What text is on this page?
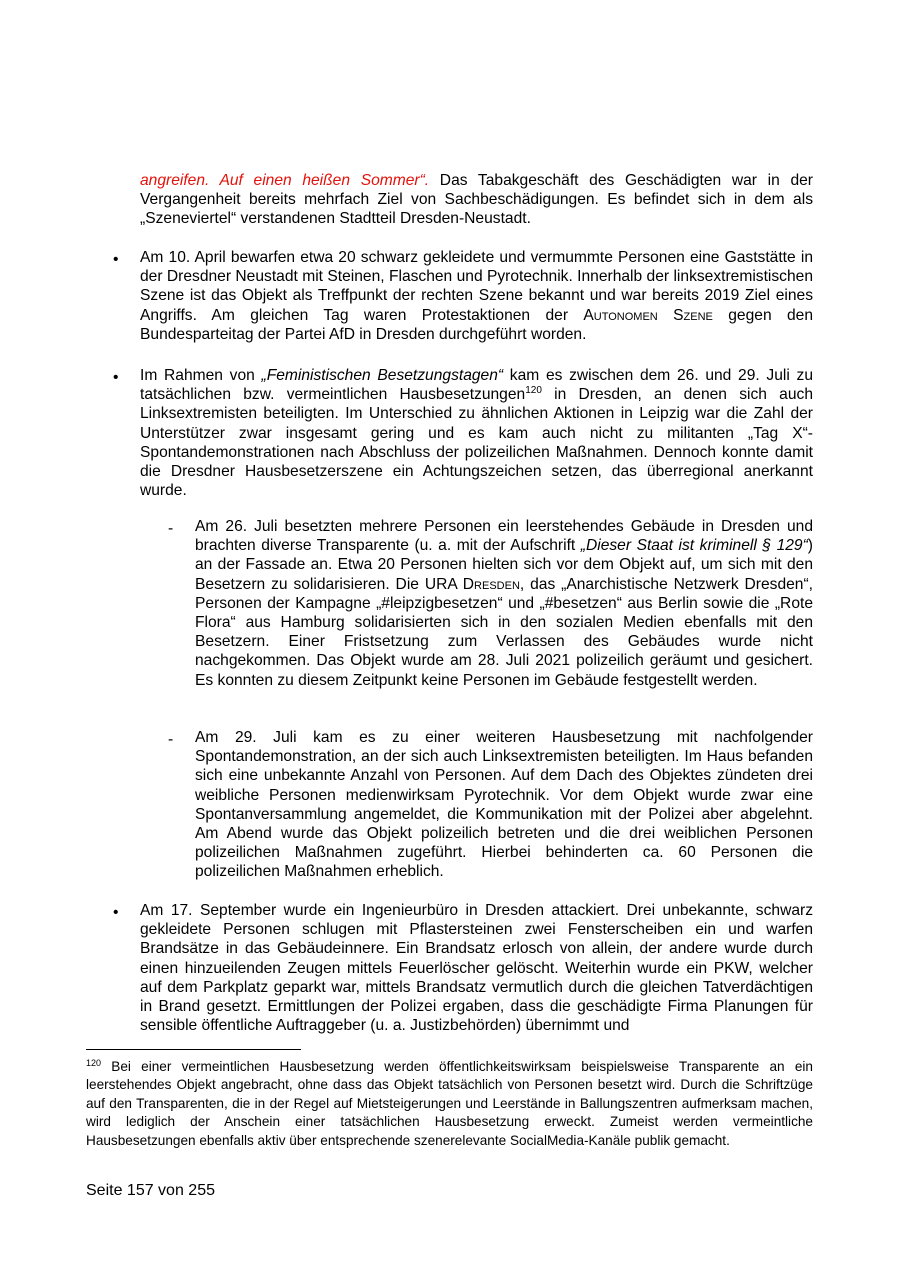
angreifen. Auf einen heißen Sommer“. Das Tabakgeschäft des Geschädigten war in der Vergangenheit bereits mehrfach Ziel von Sachbeschädigungen. Es befindet sich in dem als „Szeneviertel“ verstandenen Stadtteil Dresden-Neustadt.
• Am 10. April bewarfen etwa 20 schwarz gekleidete und vermummte Personen eine Gaststätte in der Dresdner Neustadt mit Steinen, Flaschen und Pyrotechnik. Innerhalb der linksextremistischen Szene ist das Objekt als Treffpunkt der rechten Szene bekannt und war bereits 2019 Ziel eines Angriffs. Am gleichen Tag waren Protestaktionen der Autonomen Szene gegen den Bundesparteitag der Partei AfD in Dresden durchgeführt worden.
• Im Rahmen von „Feministischen Besetzungstagen“ kam es zwischen dem 26. und 29. Juli zu tatsächlichen bzw. vermeintlichen Hausbesetzungen$^{120}$ in Dresden, an denen sich auch Linksextremisten beteiligten. Im Unterschied zu ähnlichen Aktionen in Leipzig war die Zahl der Unterstützer zwar insgesamt gering und es kam auch nicht zu militanten „Tag X“-Spontandemonstrationen nach Abschluss der polizeilichen Maßnahmen. Dennoch konnte damit die Dresdner Hausbesetzerszene ein Achtungszeichen setzen, das überregional anerkannt wurde.
- Am 26. Juli besetzten mehrere Personen ein leerstehendes Gebäude in Dresden und brachten diverse Transparente (u. a. mit der Aufschrift „Dieser Staat ist kriminell § 129“) an der Fassade an. Etwa 20 Personen hielten sich vor dem Objekt auf, um sich mit den Besetzern zu solidarisieren. Die URA Dresden, das „Anarchistische Netzwerk Dresden“, Personen der Kampagne „#leipzigbesetzen“ und „#besetzen“ aus Berlin sowie die „Rote Flora“ aus Hamburg solidarisierten sich in den sozialen Medien ebenfalls mit den Besetzern. Einer Fristsetzung zum Verlassen des Gebäudes wurde nicht nachgekommen. Das Objekt wurde am 28. Juli 2021 polizeilich geräumt und gesichert. Es konnten zu diesem Zeitpunkt keine Personen im Gebäude festgestellt werden.
- Am 29. Juli kam es zu einer weiteren Hausbesetzung mit nachfolgender Spontandemonstration, an der sich auch Linksextremisten beteiligten. Im Haus befanden sich eine unbekannte Anzahl von Personen. Auf dem Dach des Objektes zündeten drei weibliche Personen medienwirksam Pyrotechnik. Vor dem Objekt wurde zwar eine Spontanversammlung angemeldet, die Kommunikation mit der Polizei aber abgelehnt. Am Abend wurde das Objekt polizeilich betreten und die drei weiblichen Personen polizeilichen Maßnahmen zugeführt. Hierbei behinderten ca. 60 Personen die polizeilichen Maßnahmen erheblich.
• Am 17. September wurde ein Ingenieurbüro in Dresden attackiert. Drei unbekannte, schwarz gekleidete Personen schlugen mit Pflastersteinen zwei Fensterscheiben ein und warfen Brandsätze in das Gebäudeinnere. Ein Brandsatz erlosch von allein, der andere wurde durch einen hinzueilenden Zeugen mittels Feuerlöscher gelöscht. Weiterhin wurde ein PKW, welcher auf dem Parkplatz geparkt war, mittels Brandsatz vermutlich durch die gleichen Tatverdächtigen in Brand gesetzt. Ermittlungen der Polizei ergaben, dass die geschädigte Firma Planungen für sensible öffentliche Auftraggeber (u. a. Justizbehörden) übernimmt und
$^{120}$ Bei einer vermeintlichen Hausbesetzung werden öffentlichkeitswirksam beispielsweise Transparente an ein leerstehendes Objekt angebracht, ohne dass das Objekt tatsächlich von Personen besetzt wird. Durch die Schriftzüge auf den Transparenten, die in der Regel auf Mietsteigerungen und Leerstände in Ballungszentren aufmerksam machen, wird lediglich der Anschein einer tatsächlichen Hausbesetzung erweckt. Zumeist werden vermeintliche Hausbesetzungen ebenfalls aktiv über entsprechende szenerelevante SocialMedia-Kanäle publik gemacht.
Seite 157 von 255
